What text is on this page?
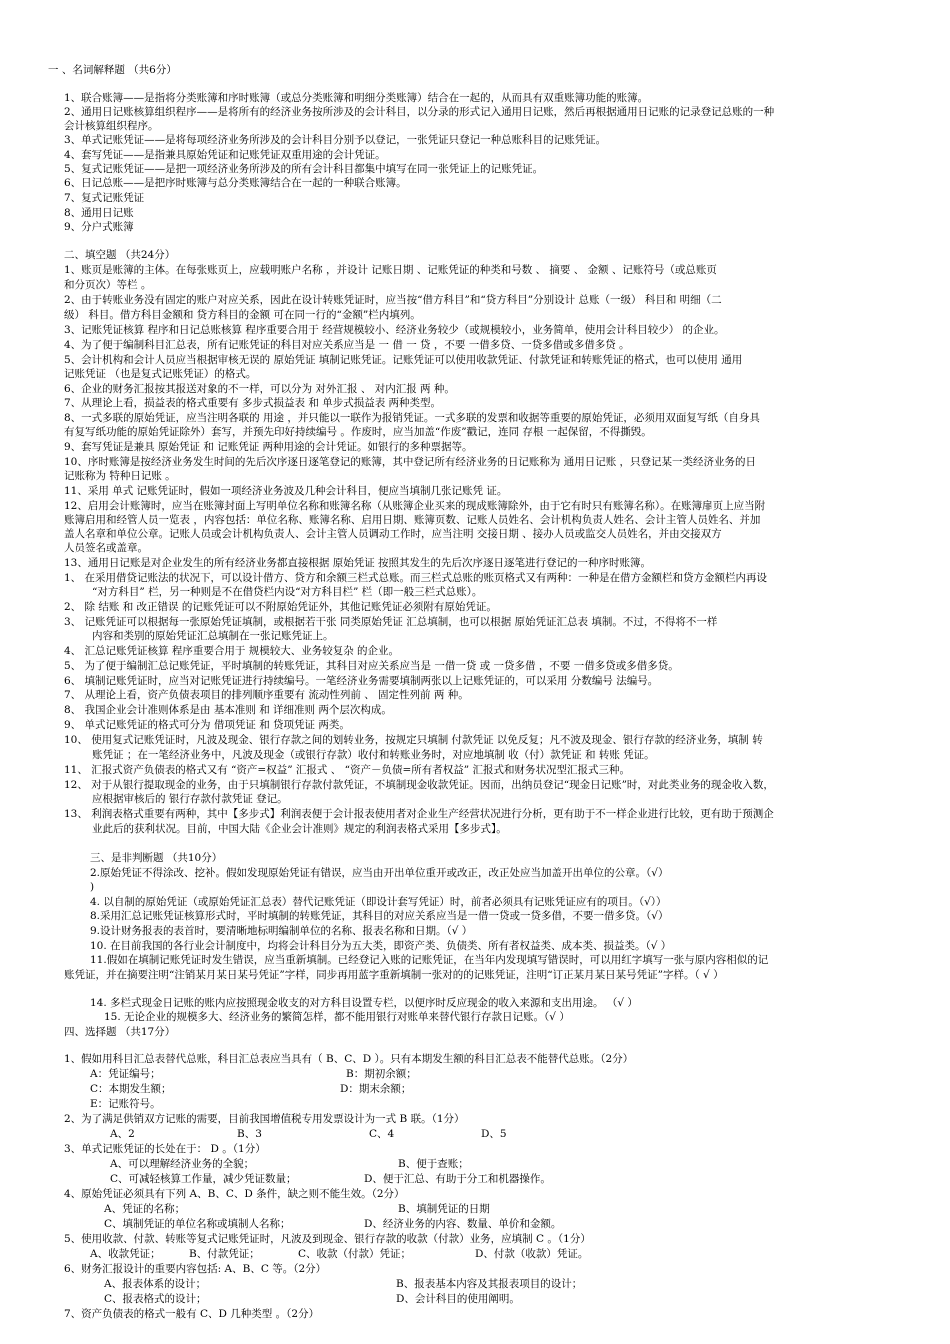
一 、名词解释题 （共6分）
1、联合账簿——是指将分类账簿和序时账簿（或总分类账簿和明细分类账簿）结合在一起的，从而具有双重账簿功能的账簿。
2、通用日记账核算组织程序——是将所有的经济业务按所涉及的会计科目，以分录的形式记入通用日记账，然后再根据通用日记账的记录登记总账的一种
会计核算组织程序。
3、单式记账凭证——是将每项经济业务所涉及的会计科目分别予以登记，一张凭证只登记一种总账科目的记账凭证。
4、套写凭证——是指兼具原始凭证和记账凭证双重用途的会计凭证。
5、复式记账凭证——是把一项经济业务所涉及的所有会计科目都集中填写在同一张凭证上的记账凭证。
6、日记总账——是把序时账簿与总分类账簿结合在一起的一种联合账簿。
7、复式记账凭证
8、通用日记账
9、分户式账簿
二、填空题 （共24分）
1、账页是账簿的主体。在每张账页上，应载明账户名称 ，并设计 记账日期 、记账凭证的种类和号数 、 摘要 、 金额 、记账符号（或总账页
和分页次）等栏 。
2、由于转账业务没有固定的账户对应关系，因此在设计转账凭证时，应当按“借方科目”和“贷方科目”分别设计 总账（一级） 科目和 明细（二
级） 科目。借方科目金额和 贷方科目的金额 可在同一行的“金额”栏内填列。
3、记账凭证核算 程序和日记总账核算 程序重要合用于 经营规模较小、经济业务较少（或规模较小，业务简单，使用会计科目较少） 的企业。
4、为了便于编制科目汇总表，所有记账凭证的科目对应关系应当是 一 借 一 贷 ，不要 一借多贷、一贷多借或多借多贷 。
5、会计机构和会计人员应当根据审核无误的 原始凭证 填制记账凭证。记账凭证可以使用收款凭证、付款凭证和转账凭证的格式，也可以使用 通用
记账凭证 （也是复式记账凭证）的格式。
6、企业的财务汇报按其报送对象的不一样，可以分为 对外汇报 、 对内汇报 两 种。
7、从理论上看，损益表的格式重要有 多步式损益表 和 单步式损益表 两种类型。
8、一式多联的原始凭证，应当注明各联的 用途 ，并只能以一联作为报销凭证。一式多联的发票和收据等重要的原始凭证，必须用双面复写纸（自身具
有复写纸功能的原始凭证除外）套写，并预先印好持续编号 。作废时，应当加盖“作废”戳记，连同 存根 一起保留，不得撕毁。
9、套写凭证是兼具 原始凭证 和 记账凭证 两种用途的会计凭证。如银行的多种票据等。
10、序时账簿是按经济业务发生时间的先后次序逐日逐笔登记的账簿，其中登记所有经济业务的日记账称为 通用日记账 ，只登记某一类经济业务的日
记账称为 特种日记账 。
11、采用 单式 记账凭证时，假如一项经济业务波及几种会计科目，便应当填制几张记账凭 证。
12、启用会计账簿时，应当在账簿封面上写明单位名称和账簿名称（从账簿企业买来的现成账簿除外，由于它有时只有账簿名称）。在账簿扉页上应当附
账簿启用和经管人员一览表 ，内容包括：单位名称、账簿名称、启用日期、账簿页数、记账人员姓名、会计机构负责人姓名、会计主管人员姓名、并加
盖人名章和单位公章。记账人员或会计机构负责人、会计主管人员调动工作时，应当注明 交接日期 、接办人员或监交人员姓名，并由交接双方
人员签名或盖章。
13、通用日记账是对企业发生的所有经济业务都直接根据 原始凭证 按照其发生的先后次序逐日逐笔进行登记的一种序时账簿。
1、 在采用借贷记账法的状况下，可以设计借方、贷方和余额三栏式总账。而三栏式总账的账页格式又有两种：一种是在借方金额栏和贷方金额栏内再设
“对方科目” 栏，另一种则是不在借贷栏内设“对方科目栏” 栏（即一般三栏式总账）。
2、 除 结账 和 改正错误 的记账凭证可以不附原始凭证外，其他记账凭证必须附有原始凭证。
3、 记账凭证可以根据每一张原始凭证填制，或根据若干张 同类原始凭证 汇总填制，也可以根据 原始凭证汇总表 填制。不过，不得将不一样
内容和类别的原始凭证汇总填制在一张记账凭证上。
4、 汇总记账凭证核算 程序重要合用于 规模较大、业务较复杂 的企业。
5、 为了便于编制汇总记账凭证，平时填制的转账凭证，其科目对应关系应当是 一借一贷 或 一贷多借 ，不要 一借多贷或多借多贷。
6、 填制记账凭证时，应当对记账凭证进行持续编号。一笔经济业务需要填制两张以上记账凭证的，可以采用 分数编号 法编号。
7、 从理论上看，资产负债表项目的排列顺序重要有 流动性列前 、 固定性列前 两 种。
8、 我国企业会计准则体系是由 基本准则 和 详细准则 两个层次构成。
9、 单式记账凭证的格式可分为 借项凭证 和 贷项凭证 两类。
10、 使用复式记账凭证时，凡波及现金、银行存款之间的划转业务，按规定只填制 付款凭证 以免反复；凡不波及现金、银行存款的经济业务，填制 转
账凭证 ；在一笔经济业务中，凡波及现金（或银行存款）收付和转账业务时，对应地填制 收（付）款凭证 和 转账 凭证。
11、 汇报式资产负债表的格式又有 “资产=权益” 汇报式 、 “资产－负债=所有者权益” 汇报式和财务状况型汇报式三种。
12、 对于从银行提取现金的业务，由于只填制银行存款付款凭证，不填制现金收款凭证。因而，出纳员登记“现金日记账”时，对此类业务的现金收入数，
应根据审核后的 银行存款付款凭证 登记。
13、 利润表格式重要有两种，其中【多步式】利润表便于会计报表使用者对企业生产经营状况进行分析，更有助于不一样企业进行比较，更有助于预测企
业此后的获利状况。目前，中国大陆《企业会计准则》规定的利润表格式采用【多步式】。
三、是非判断题 （共10分）
2.原始凭证不得涂改、挖补。假如发现原始凭证有错误，应当由开出单位重开或改正，改正处应当加盖开出单位的公章。（√）
)
4. 以自制的原始凭证（或原始凭证汇总表）替代记账凭证（即设计套写凭证）时，前者必须具有记账凭证应有的项目。（√））
8.采用汇总记账凭证核算形式时，平时填制的转账凭证，其科目的对应关系应当是一借一贷或一贷多借，不要一借多贷。（√）
9.设计财务报表的表首时，要清晰地标明编制单位的名称、报表名称和日期。（√ ）
10. 在目前我国的各行业会计制度中，均将会计科目分为五大类，即资产类、负债类、所有者权益类、成本类、损益类。（√ ）
11.假如在填制记账凭证时发生错误，应当重新填制。已经登记入账的记账凭证，在当年内发现填写错误时，可以用红字填写一张与原内容相似的记
账凭证，并在摘要注明“注销某月某日某号凭证”字样，同步再用蓝字重新填制一张对的的记账凭证，注明“订正某月某日某号凭证”字样。（ √ ）
14. 多栏式现金日记账的账内应按照现金收支的对方科目设置专栏，以便序时反应现金的收入来源和支出用途。 （√ ）
15. 无论企业的规模多大、经济业务的繁简怎样，都不能用银行对账单来替代银行存款日记账。（√ ）
四、选择题 （共17分）
1、假如用科目汇总表替代总账，科目汇总表应当具有（ B、C、D ）。只有本期发生额的科目汇总表不能替代总账。（2分）
A：凭证编号；	B：期初余额；
C：本期发生额；	D：期末余额；
E：记账符号。
2、为了满足供销双方记账的需要，目前我国增值税专用发票设计为一式 B 联。（1分）
A、2	B、3	C、4	D、5
3、单式记账凭证的长处在于： D 。（1分）
A、可以理解经济业务的全貌；	B、便于查账；
C、可减轻核算工作量，减少凭证数量；	D、便于汇总、有助于分工和机器操作。
4、原始凭证必须具有下列 A、B、C、D 条件，缺之则不能生效。（2分）
A、凭证的名称；	B、填制凭证的日期
C、填制凭证的单位名称或填制人名称；	D、经济业务的内容、数量、单价和金额。
5、使用收款、付款、转账等复式记账凭证时，凡波及到现金、银行存款的收款（付款）业务，应填制 C 。（1分）
A、收款凭证；	B、付款凭证；	C、收款（付款）凭证；	D、付款（收款）凭证。
6、财务汇报设计的重要内容包括: A、B、C 等。（2分）
A、报表体系的设计；	B、报表基本内容及其报表项目的设计；
C、报表格式的设计；	D、会计科目的使用阐明。
7、资产负债表的格式一般有 C、D 几种类型 。（2分）
